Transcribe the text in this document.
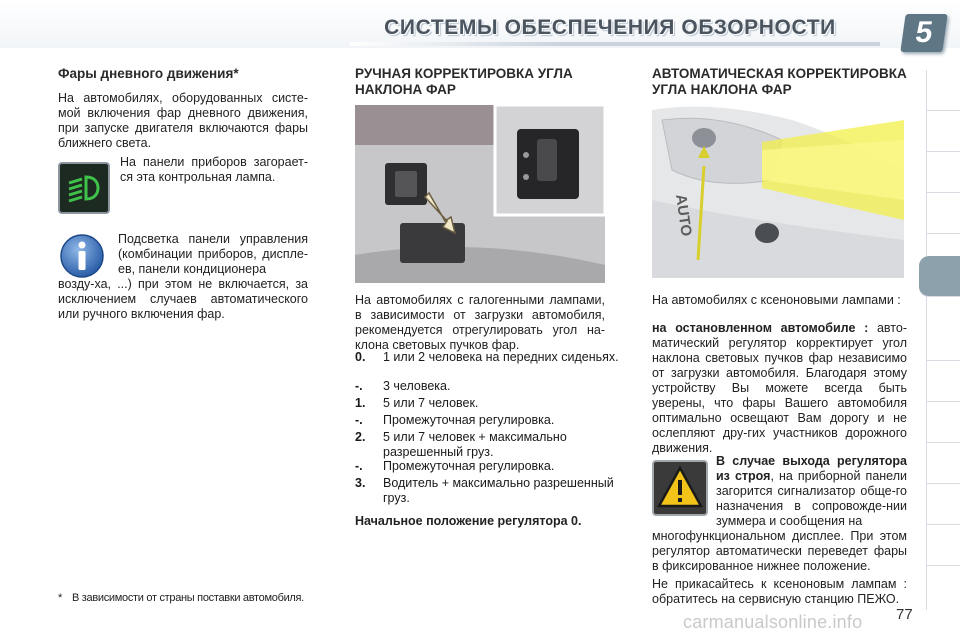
СИСТЕМЫ ОБЕСПЕЧЕНИЯ ОБЗОРНОСТИ	5
Фары дневного движения*
На автомобилях, оборудованных систе-мой включения фар дневного движения, при запуске двигателя включаются фары ближнего света.
На панели приборов загорает-ся эта контрольная лампа.
Подсветка панели управления (комбинации приборов, диспле-ев, панели кондиционера
возду-ха, ...) при этом не включается, за исключением случаев автоматического или ручного включения фар.
РУЧНАЯ КОРРЕКТИРОВКА УГЛА
НАКЛОНА ФАР
На автомобилях с галогенными лампами, в зависимости от загрузки автомобиля, рекомендуется отрегулировать угол на-клона световых пучков фар.
0. 1 или 2 человека на передних сиденьях.
-. 3 человека.
1. 5 или 7 человек.
-. Промежуточная регулировка.
2. 5 или 7 человек + максимально разрешенный груз.
-. Промежуточная регулировка.
3. Водитель + максимально разрешенный груз.
Начальное положение регулятора 0.
АВТОМАТИЧЕСКАЯ КОРРЕКТИРОВКА
УГЛА НАКЛОНА ФАР
AUTO
На автомобилях с ксеноновыми лампами :
на остановленном автомобиле : авто-матический регулятор корректирует угол наклона световых пучков фар независимо от загрузки автомобиля. Благодаря этому устройству Вы можете всегда быть уверены, что фары Вашего автомобиля оптимально освещают Вам дорогу и не ослепляют дру-гих участников дорожного движения.
В случае выхода регулятора из строя, на приборной панели загорится сигнализатор обще-го назначения в сопровожде-нии зуммера и сообщения на
Не прикасайтесь к ксеноновым лампам : обратитесь на сервисную станцию ПЕЖО.
* В зависимости от страны поставки автомобиля.
carmanualsonline.info 77
многофункциональном дисплее. При этом регулятор автоматически переведет фары в фиксированное нижнее положение.
